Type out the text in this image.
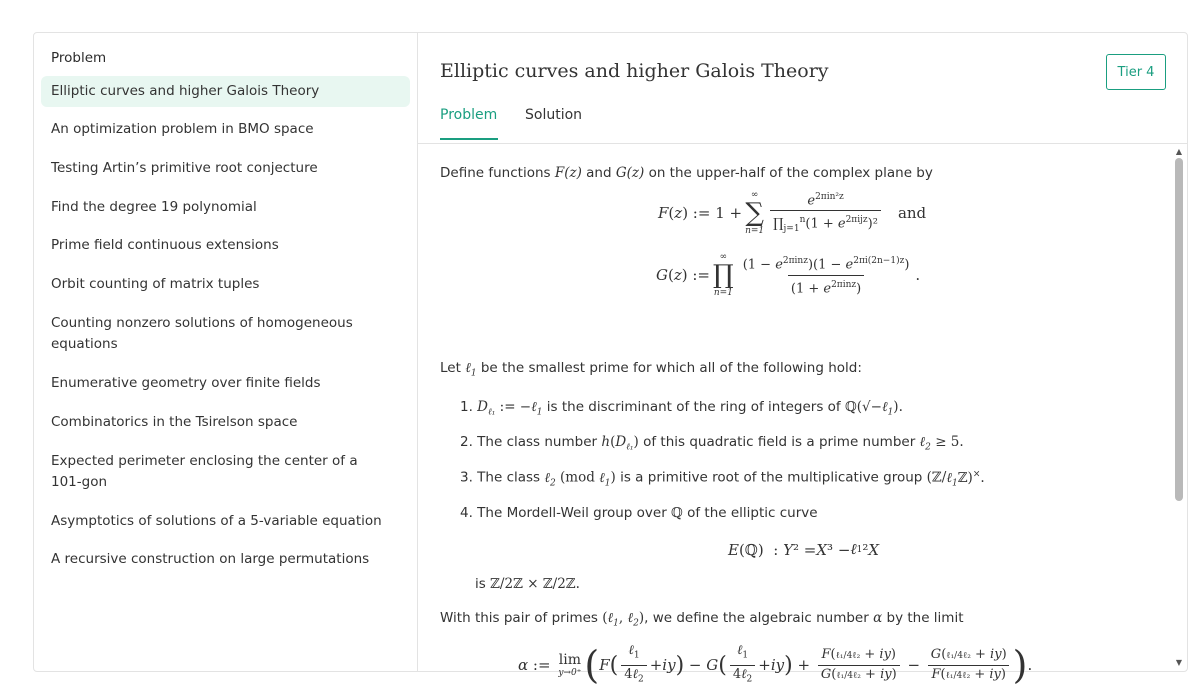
Problem
Elliptic curves and higher Galois Theory
An optimization problem in BMO space
Testing Artin’s primitive root conjecture
Find the degree 19 polynomial
Prime field continuous extensions
Orbit counting of matrix tuples
Counting nonzero solutions of homogeneous equations
Enumerative geometry over finite fields
Combinatorics in the Tsirelson space
Expected perimeter enclosing the center of a 101-gon
Asymptotics of solutions of a 5-variable equation
A recursive construction on large permutations
Elliptic curves and higher Galois Theory	Tier 4
Problem Solution
Define functions F(z) and G(z) on the upper-half of the complex plane by
F ( z ) := 1 +
∞
∑
$n=1 \frac{e^{2\pi in^2z}}{\prod_{j=1}^n(1 + e^{2\pi ijz})^2}$ and
G ( z ) :=
∞
∏
$n=1 \frac{(1 - e^{2\pi inz})(1 - e^{2\pi i(2n-1)z})}{(1 + e^{2\pi inz})}$ .
Let ℓ$_1$ be the smallest prime for which all of the following hold:
1. $D_{\ell_1}$ := −ℓ$_1$ is the discriminant of the ring of integers of ℚ(√−ℓ$_1$).
2. The class number $h(D_{\ell_1})$ of this quadratic field is a prime number ℓ$_2$ ≥ 5.
3. The class ℓ$_2$ (mod ℓ$_1$) is a primitive root of the multiplicative group (ℤ/ℓ$_1$ℤ)×.
4. The Mordell-Weil group over ℚ of the elliptic curve
E (ℚ)  : Y ² = X ³ − ℓ 1 ² X
is ℤ/2ℤ × ℤ/2ℤ.
With this pair of primes (ℓ$_1$, ℓ$_2$), we define the algebraic number α by the limit
α := lim
y→0⁺ ( F ( $\frac{\ell_1}{4\ell_2}$ + iy ) − G ( $\frac{\ell_1}{4\ell_2}$ + iy ) + $\frac{\text{F(ℓ₁/4ℓ₂ + iy)}}{\text{G(ℓ₁/4ℓ₂ + iy)}} - \frac{\text{G(ℓ₁/4ℓ₂ + iy)}}{\text{F(ℓ₁/4ℓ₂ + iy)}}$ ) .
▲
▼
